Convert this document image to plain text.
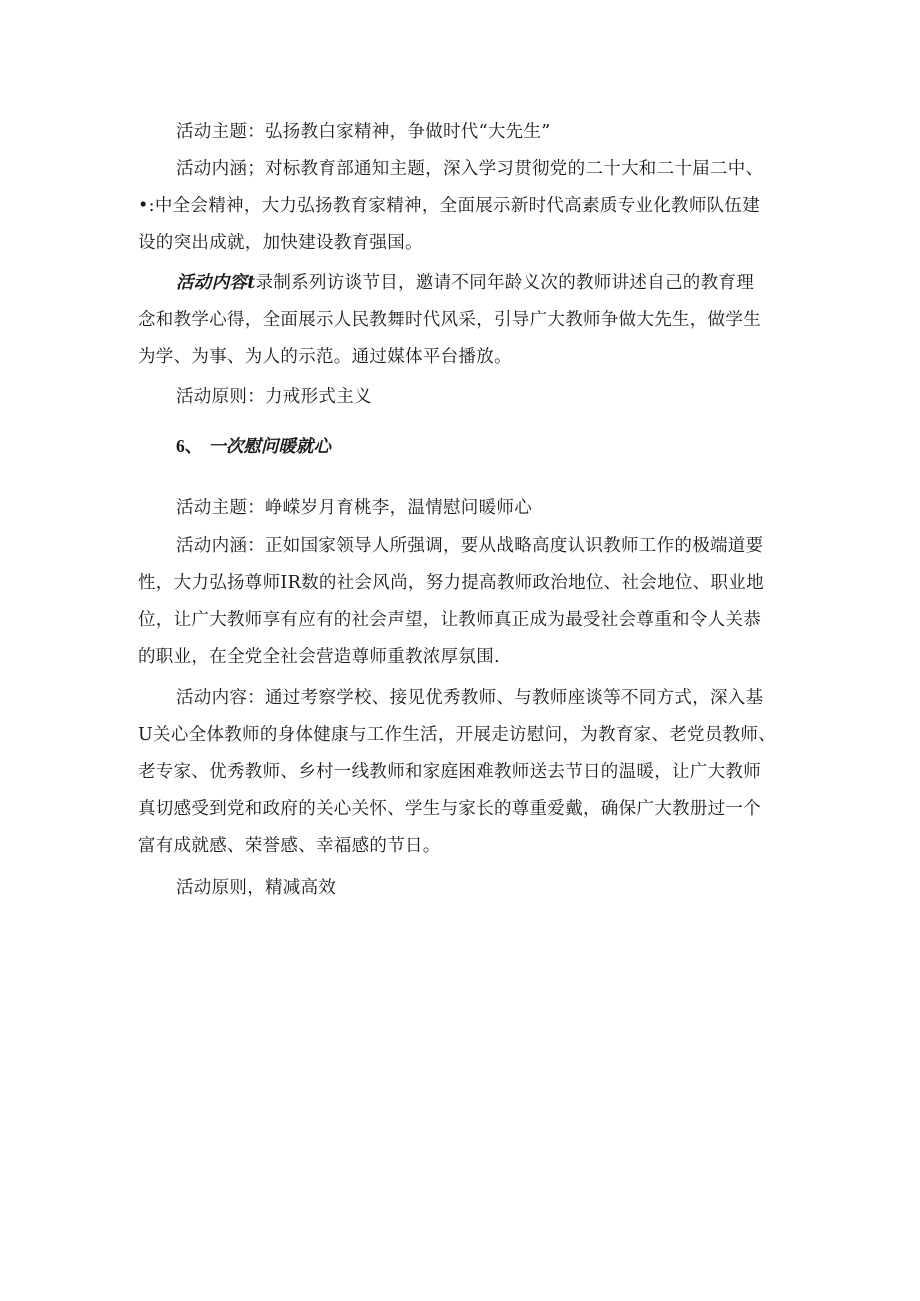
活动主题：弘扬教白家精神，争做时代“大先生”

活动内涵；对标教育部通知主题，深入学习贯彻党的二十大和二十届二中、
•:中全会精神，大力弘扬教育家精神，全面展示新时代高素质专业化教师队伍建
设的突出成就，加快建设教育强国。
活动内容t录制系列访谈节目，邀请不同年龄义次的教师讲述自己的教育理
念和教学心得，全面展示人民教舞时代风采，引导广大教师争做大先生，做学生
为学、为事、为人的示范。通过媒体平台播放。

活动原则：力戒形式主义

6、 一次慰问暖就心

活动主题：峥嵘岁月育桃李，温情慰问暖师心

活动内涵：正如国家领导人所强调，要从战略高度认识教师工作的极端道要
性，大力弘扬尊师IR数的社会风尚，努力提高教师政治地位、社会地位、职业地
位，让广大教师享有应有的社会声望，让教师真正成为最受社会尊重和令人关恭
的职业，在全党全社会营造尊师重教浓厚氛围.
活动内容：通过考察学校、接见优秀教师、与教师座谈等不同方式，深入基
U关心全体教师的身体健康与工作生活，开展走访慰问，为教育家、老党员教师、
老专家、优秀教师、乡村一线教师和家庭困难教师送去节日的温暖，让广大教师
真切感受到党和政府的关心关怀、学生与家长的尊重爱戴，确保广大教册过一个
富有成就感、荣誉感、幸福感的节日。

活动原则，精减高效
